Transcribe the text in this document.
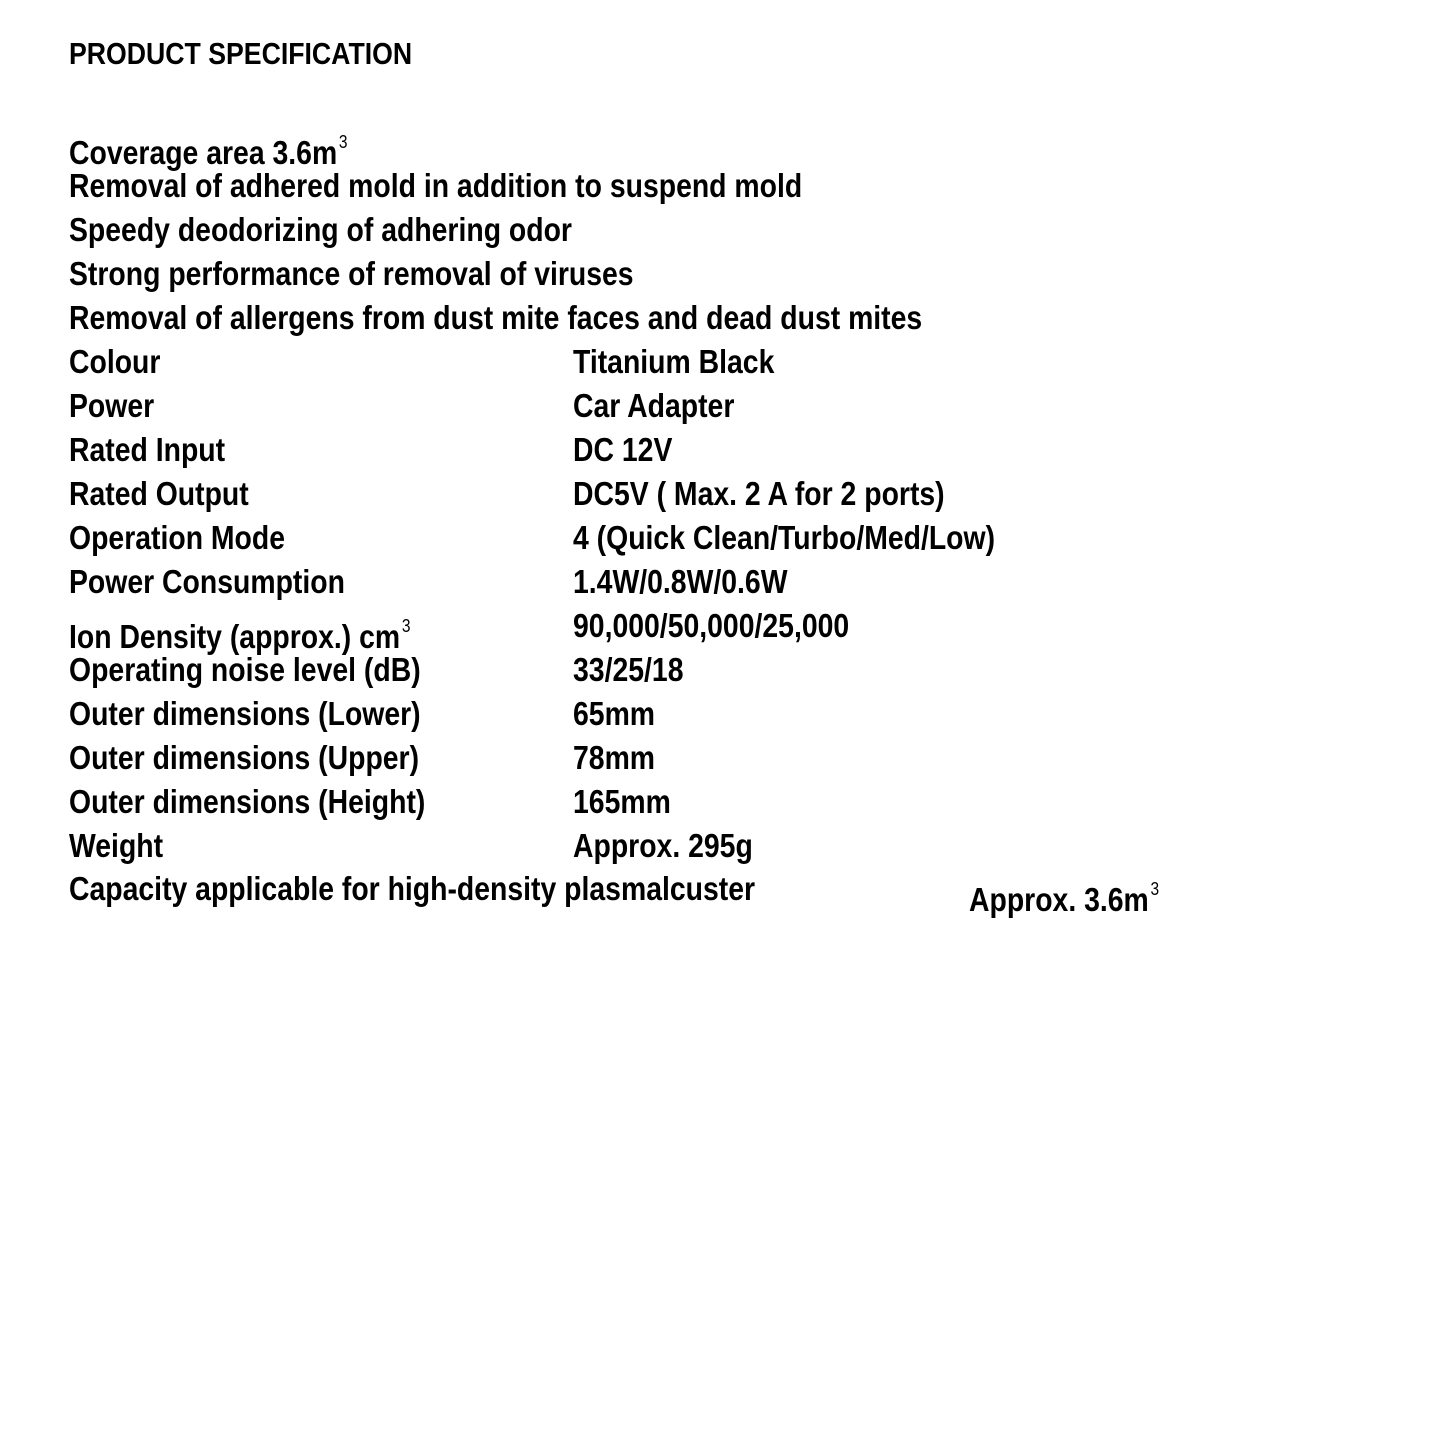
PRODUCT SPECIFICATION
Coverage area $3.6m^3$
Removal of adhered mold in addition to suspend mold
Speedy deodorizing of adhering odor
Strong performance of removal of viruses
Removal of allergens from dust mite faces and dead dust mites
Colour	Titanium Black
Power	Car Adapter
Rated Input	DC 12V
Rated Output	DC5V ( Max. 2 A for 2 ports)
Operation Mode	4 (Quick Clean/Turbo/Med/Low)
Power Consumption	1.4W/0.8W/0.6W
Ion Density (approx.) $cm^3$	90,000/50,000/25,000
Operating noise level (dB)	33/25/18
Outer dimensions (Lower)	65mm
Outer dimensions (Upper)	78mm
Outer dimensions (Height)	165mm
Weight	Approx. 295g
Capacity applicable for high-density plasmalcuster	Approx. $3.6m^3$
